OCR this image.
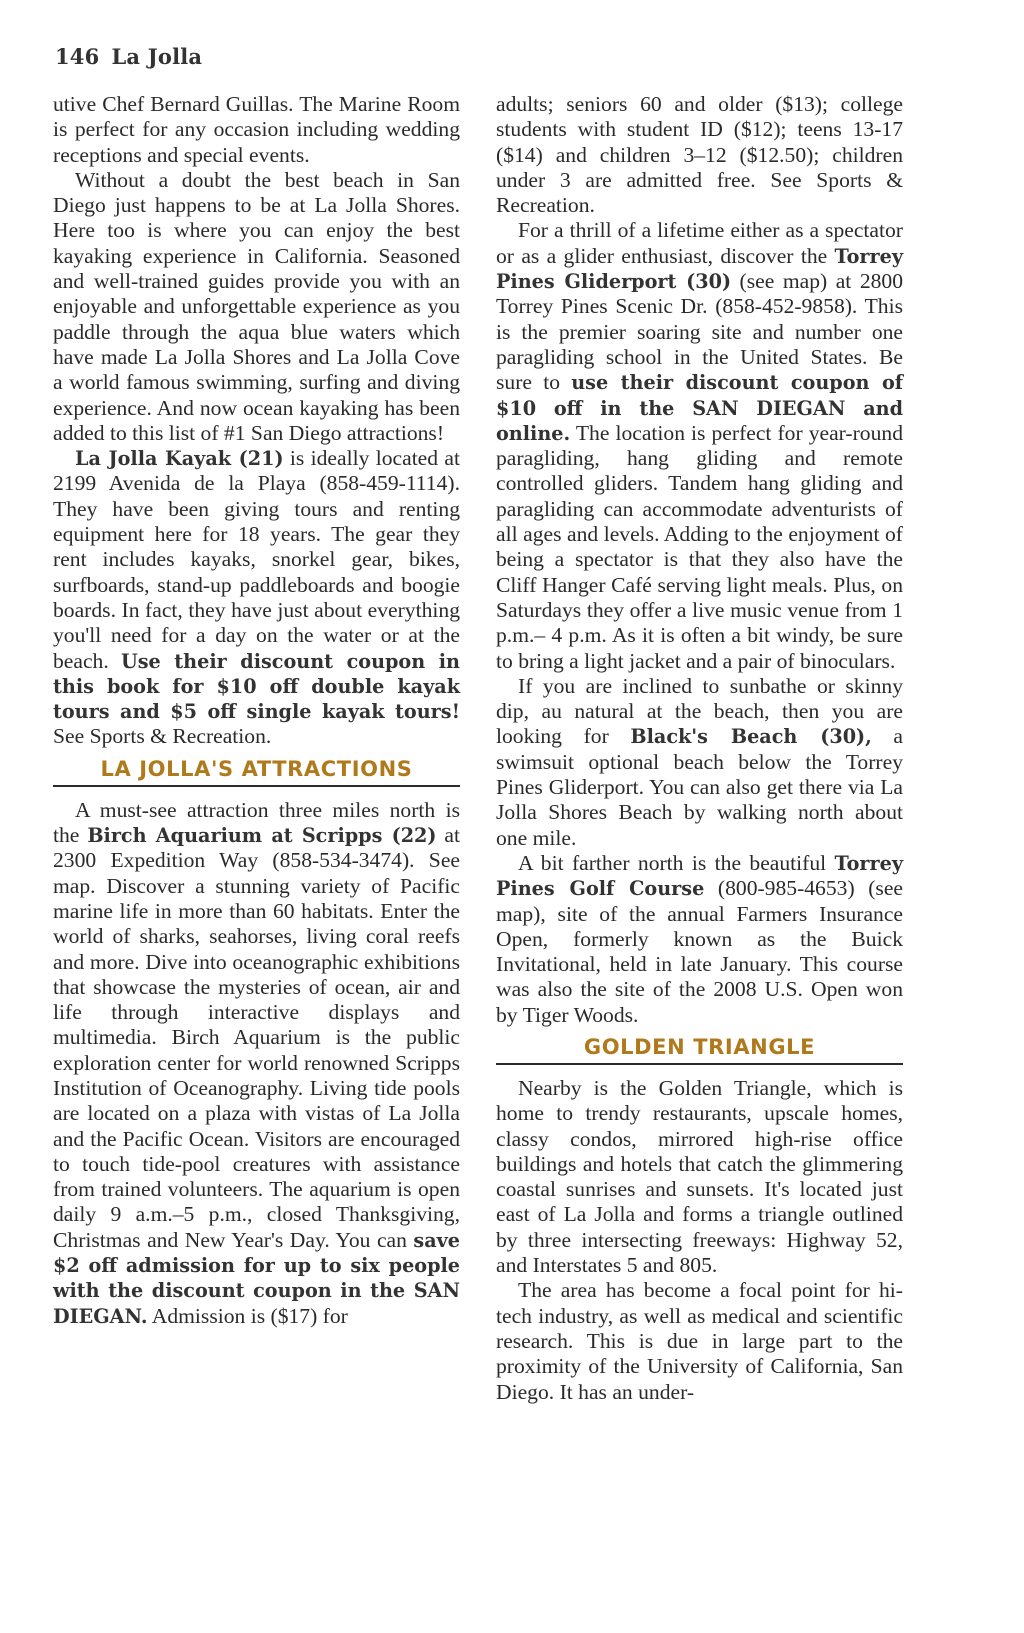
146 La Jolla

utive Chef Bernard Guillas. The Marine Room is perfect for any occasion including wedding receptions and special events.

Without a doubt the best beach in San Diego just happens to be at La Jolla Shores. Here too is where you can enjoy the best kayaking experience in California. Seasoned and well-trained guides provide you with an enjoyable and unforgettable experience as you paddle through the aqua blue waters which have made La Jolla Shores and La Jolla Cove a world famous swimming, surfing and diving experience. And now ocean kayaking has been added to this list of #1 San Diego attractions!

La Jolla Kayak (21) is ideally located at 2199 Avenida de la Playa (858-459-1114). They have been giving tours and renting equipment here for 18 years. The gear they rent includes kayaks, snorkel gear, bikes, surfboards, stand-up paddleboards and boogie boards. In fact, they have just about everything you'll need for a day on the water or at the beach. Use their discount coupon in this book for $10 off double kayak tours and $5 off single kayak tours! See Sports & Recreation.

LA JOLLA'S ATTRACTIONS

A must-see attraction three miles north is the Birch Aquarium at Scripps (22) at 2300 Expedition Way (858-534-3474). See map. Discover a stunning variety of Pacific marine life in more than 60 habitats. Enter the world of sharks, seahorses, living coral reefs and more. Dive into oceanographic exhibitions that showcase the mysteries of ocean, air and life through interactive displays and multimedia. Birch Aquarium is the public exploration center for world renowned Scripps Institution of Oceanography. Living tide pools are located on a plaza with vistas of La Jolla and the Pacific Ocean. Visitors are encouraged to touch tide-pool creatures with assistance from trained volunteers. The aquarium is open daily 9 a.m.–5 p.m., closed Thanksgiving, Christmas and New Year's Day. You can save $2 off admission for up to six people with the discount coupon in the SAN DIEGAN. Admission is ($17) for

adults; seniors 60 and older ($13); college students with student ID ($12); teens 13-17 ($14) and children 3–12 ($12.50); children under 3 are admitted free. See Sports & Recreation.

For a thrill of a lifetime either as a spectator or as a glider enthusiast, discover the Torrey Pines Gliderport (30) (see map) at 2800 Torrey Pines Scenic Dr. (858-452-9858). This is the premier soaring site and number one paragliding school in the United States. Be sure to use their discount coupon of $10 off in the SAN DIEGAN and online. The location is perfect for year-round paragliding, hang gliding and remote controlled gliders. Tandem hang gliding and paragliding can accommodate adventurists of all ages and levels. Adding to the enjoyment of being a spectator is that they also have the Cliff Hanger Café serving light meals. Plus, on Saturdays they offer a live music venue from 1 p.m.– 4 p.m. As it is often a bit windy, be sure to bring a light jacket and a pair of binoculars.

If you are inclined to sunbathe or skinny dip, au natural at the beach, then you are looking for Black's Beach (30), a swimsuit optional beach below the Torrey Pines Gliderport. You can also get there via La Jolla Shores Beach by walking north about one mile.

A bit farther north is the beautiful Torrey Pines Golf Course (800-985-4653) (see map), site of the annual Farmers Insurance Open, formerly known as the Buick Invitational, held in late January. This course was also the site of the 2008 U.S. Open won by Tiger Woods.

GOLDEN TRIANGLE

Nearby is the Golden Triangle, which is home to trendy restaurants, upscale homes, classy condos, mirrored high-rise office buildings and hotels that catch the glimmering coastal sunrises and sunsets. It's located just east of La Jolla and forms a triangle outlined by three intersecting freeways: Highway 52, and Interstates 5 and 805.

The area has become a focal point for hi-tech industry, as well as medical and scientific research. This is due in large part to the proximity of the University of California, San Diego. It has an under-
